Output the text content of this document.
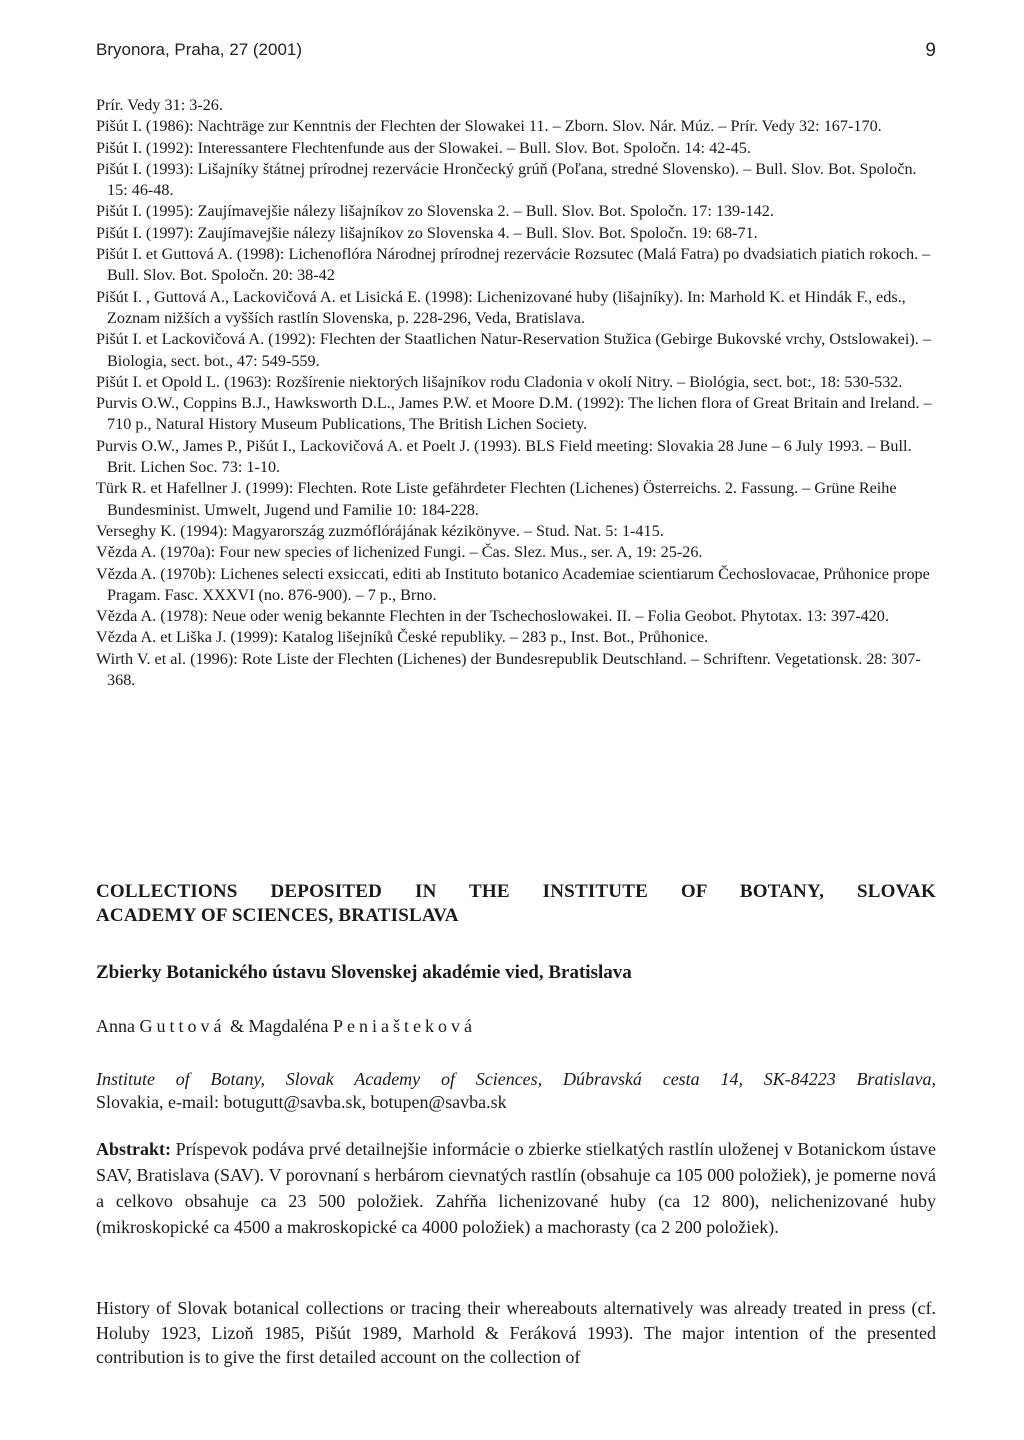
Bryonora, Praha, 27 (2001)	9
Prír. Vedy 31: 3-26.
Pišút I. (1986): Nachträge zur Kenntnis der Flechten der Slowakei 11. – Zborn. Slov. Nár. Múz. – Prír. Vedy 32: 167-170.
Pišút I. (1992): Interessantere Flechtenfunde aus der Slowakei. – Bull. Slov. Bot. Spoločn. 14: 42-45.
Pišút I. (1993): Lišajníky štátnej prírodnej rezervácie Hrončecký grúň (Poľana, stredné Slovensko). – Bull. Slov. Bot. Spoločn. 15: 46-48.
Pišút I. (1995): Zaujímavejšie nálezy lišajníkov zo Slovenska 2. – Bull. Slov. Bot. Spoločn. 17: 139-142.
Pišút I. (1997): Zaujímavejšie nálezy lišajníkov zo Slovenska 4. – Bull. Slov. Bot. Spoločn. 19: 68-71.
Pišút I. et Guttová A. (1998): Lichenoflóra Národnej prírodnej rezervácie Rozsutec (Malá Fatra) po dvadsiatich piatich rokoch. – Bull. Slov. Bot. Spoločn. 20: 38-42
Pišút I. , Guttová A., Lackovičová A. et Lisická E. (1998): Lichenizované huby (lišajníky). In: Marhold K. et Hindák F., eds., Zoznam nižších a vyšších rastlín Slovenska, p. 228-296, Veda, Bratislava.
Pišút I. et Lackovičová A. (1992): Flechten der Staatlichen Natur-Reservation Stužica (Gebirge Bukovské vrchy, Ostslowakei). – Biologia, sect. bot., 47: 549-559.
Pišút I. et Opold L. (1963): Rozšírenie niektorých lišajníkov rodu Cladonia v okolí Nitry. – Biológia, sect. bot:, 18: 530-532.
Purvis O.W., Coppins B.J., Hawksworth D.L., James P.W. et Moore D.M. (1992): The lichen flora of Great Britain and Ireland. – 710 p., Natural History Museum Publications, The British Lichen Society.
Purvis O.W., James P., Pišút I., Lackovičová A. et Poelt J. (1993). BLS Field meeting: Slovakia 28 June – 6 July 1993. – Bull. Brit. Lichen Soc. 73: 1-10.
Türk R. et Hafellner J. (1999): Flechten. Rote Liste gefährdeter Flechten (Lichenes) Österreichs. 2. Fassung. – Grüne Reihe Bundesminist. Umwelt, Jugend und Familie 10: 184-228.
Verseghy K. (1994): Magyarország zuzmóflórájának kézikönyve. – Stud. Nat. 5: 1-415.
Vězda A. (1970a): Four new species of lichenized Fungi. – Čas. Slez. Mus., ser. A, 19: 25-26.
Vězda A. (1970b): Lichenes selecti exsiccati, editi ab Instituto botanico Academiae scientiarum Čechoslovacae, Průhonice prope Pragam. Fasc. XXXVI (no. 876-900). – 7 p., Brno.
Vězda A. (1978): Neue oder wenig bekannte Flechten in der Tschechoslowakei. II. – Folia Geobot. Phytotax. 13: 397-420.
Vězda A. et Liška J. (1999): Katalog lišejníků České republiky. – 283 p., Inst. Bot., Průhonice.
Wirth V. et al. (1996): Rote Liste der Flechten (Lichenes) der Bundesrepublik Deutschland. – Schriftenr. Vegetationsk. 28: 307-368.
COLLECTIONS DEPOSITED IN THE INSTITUTE OF BOTANY, SLOVAK
ACADEMY OF SCIENCES, BRATISLAVA
Zbierky Botanického ústavu Slovenskej akadémie vied, Bratislava
Anna Guttová & Magdaléna Peniašteková
Institute of Botany, Slovak Academy of Sciences, Dúbravská cesta 14, SK-84223 Bratislava,
Slovakia, e-mail: botugutt@savba.sk, botupen@savba.sk

Abstrakt: Príspevok podáva prvé detailnejšie informácie o zbierke stielkatých rastlín uloženej v Botanickom ústave SAV, Bratislava (SAV). V porovnaní s herbárom cievnatých rastlín (obsahuje ca 105 000 položiek), je pomerne nová a celkovo obsahuje ca 23 500 položiek. Zahŕňa lichenizované huby (ca 12 800), nelichenizované huby (mikroskopické ca 4500 a makroskopické ca 4000 položiek) a machorasty (ca 2 200 položiek).

History of Slovak botanical collections or tracing their whereabouts alternatively was already treated in press (cf. Holuby 1923, Lizoň 1985, Pišút 1989, Marhold & Feráková 1993). The major intention of the presented contribution is to give the first detailed account on the collection of
